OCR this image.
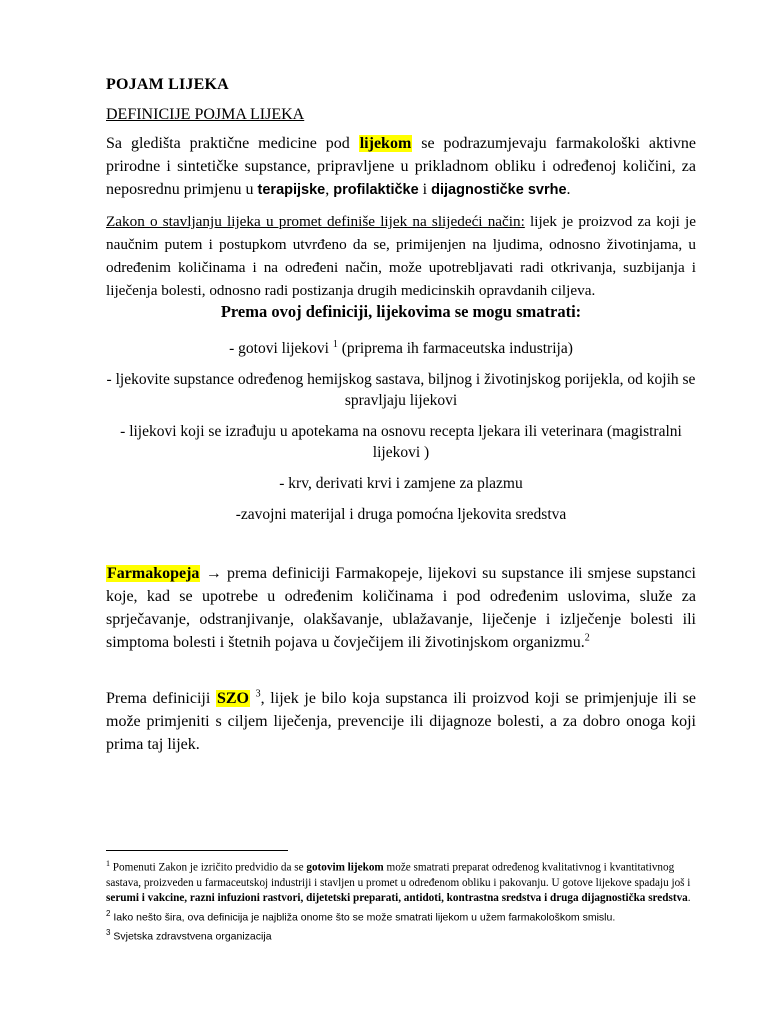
POJAM LIJEKA
DEFINICIJE POJMA LIJEKA
Sa gledišta praktične medicine pod lijekom se podrazumjevaju farmakološki aktivne prirodne i sintetičke supstance, pripravljene u prikladnom obliku i određenoj količini, za neposrednu primjenu u terapijske, profilaktičke i dijagnostičke svrhe.
Zakon o stavljanju lijeka u promet definiše lijek na slijedeći način: lijek je proizvod za koji je naučnim putem i postupkom utvrđeno da se, primijenjen na ljudima, odnosno životinjama, u određenim količinama i na određeni način, može upotrebljavati radi otkrivanja, suzbijanja i liječenja bolesti, odnosno radi postizanja drugih medicinskih opravdanih ciljeva.
Prema ovoj definiciji, lijekovima se mogu smatrati:
- gotovi lijekovi $^1$ (priprema ih farmaceutska industrija)
- ljekovite supstance određenog hemijskog sastava, biljnog i životinjskog porijekla, od kojih se spravljaju lijekovi
- lijekovi koji se izrađuju u apotekama na osnovu recepta ljekara ili veterinara (magistralni lijekovi )
- krv, derivati krvi i zamjene za plazmu
-zavojni materijal i druga pomoćna ljekovita sredstva
Farmakopeja → prema definiciji Farmakopeje, lijekovi su supstance ili smjese supstanci koje, kad se upotrebe u određenim količinama i pod određenim uslovima, služe za sprječavanje, odstranjivanje, olakšavanje, ublažavanje, liječenje i izlječenje bolesti ili simptoma bolesti i štetnih pojava u čovječijem ili životinjskom organizmu.$^2$
Prema definiciji SZO $^3$, lijek je bilo koja supstanca ili proizvod koji se primjenjuje ili se može primjeniti s ciljem liječenja, prevencije ili dijagnoze bolesti, a za dobro onoga koji prima taj lijek.

$^1$ Pomenuti Zakon je izričito predvidio da se gotovim lijekom može smatrati preparat određenog kvalitativnog i kvantitativnog sastava, proizveden u farmaceutskoj industriji i stavljen u promet u određenom obliku i pakovanju. U gotove lijekove spadaju još i serumi i vakcine, razni infuzioni rastvori, dijetetski preparati, antidoti, kontrastna sredstva i druga dijagnostička sredstva.

$^2$ Iako nešto šira, ova definicija je najbliža onome što se može smatrati lijekom u užem farmakološkom smislu.

$^3$ Svjetska zdravstvena organizacija
